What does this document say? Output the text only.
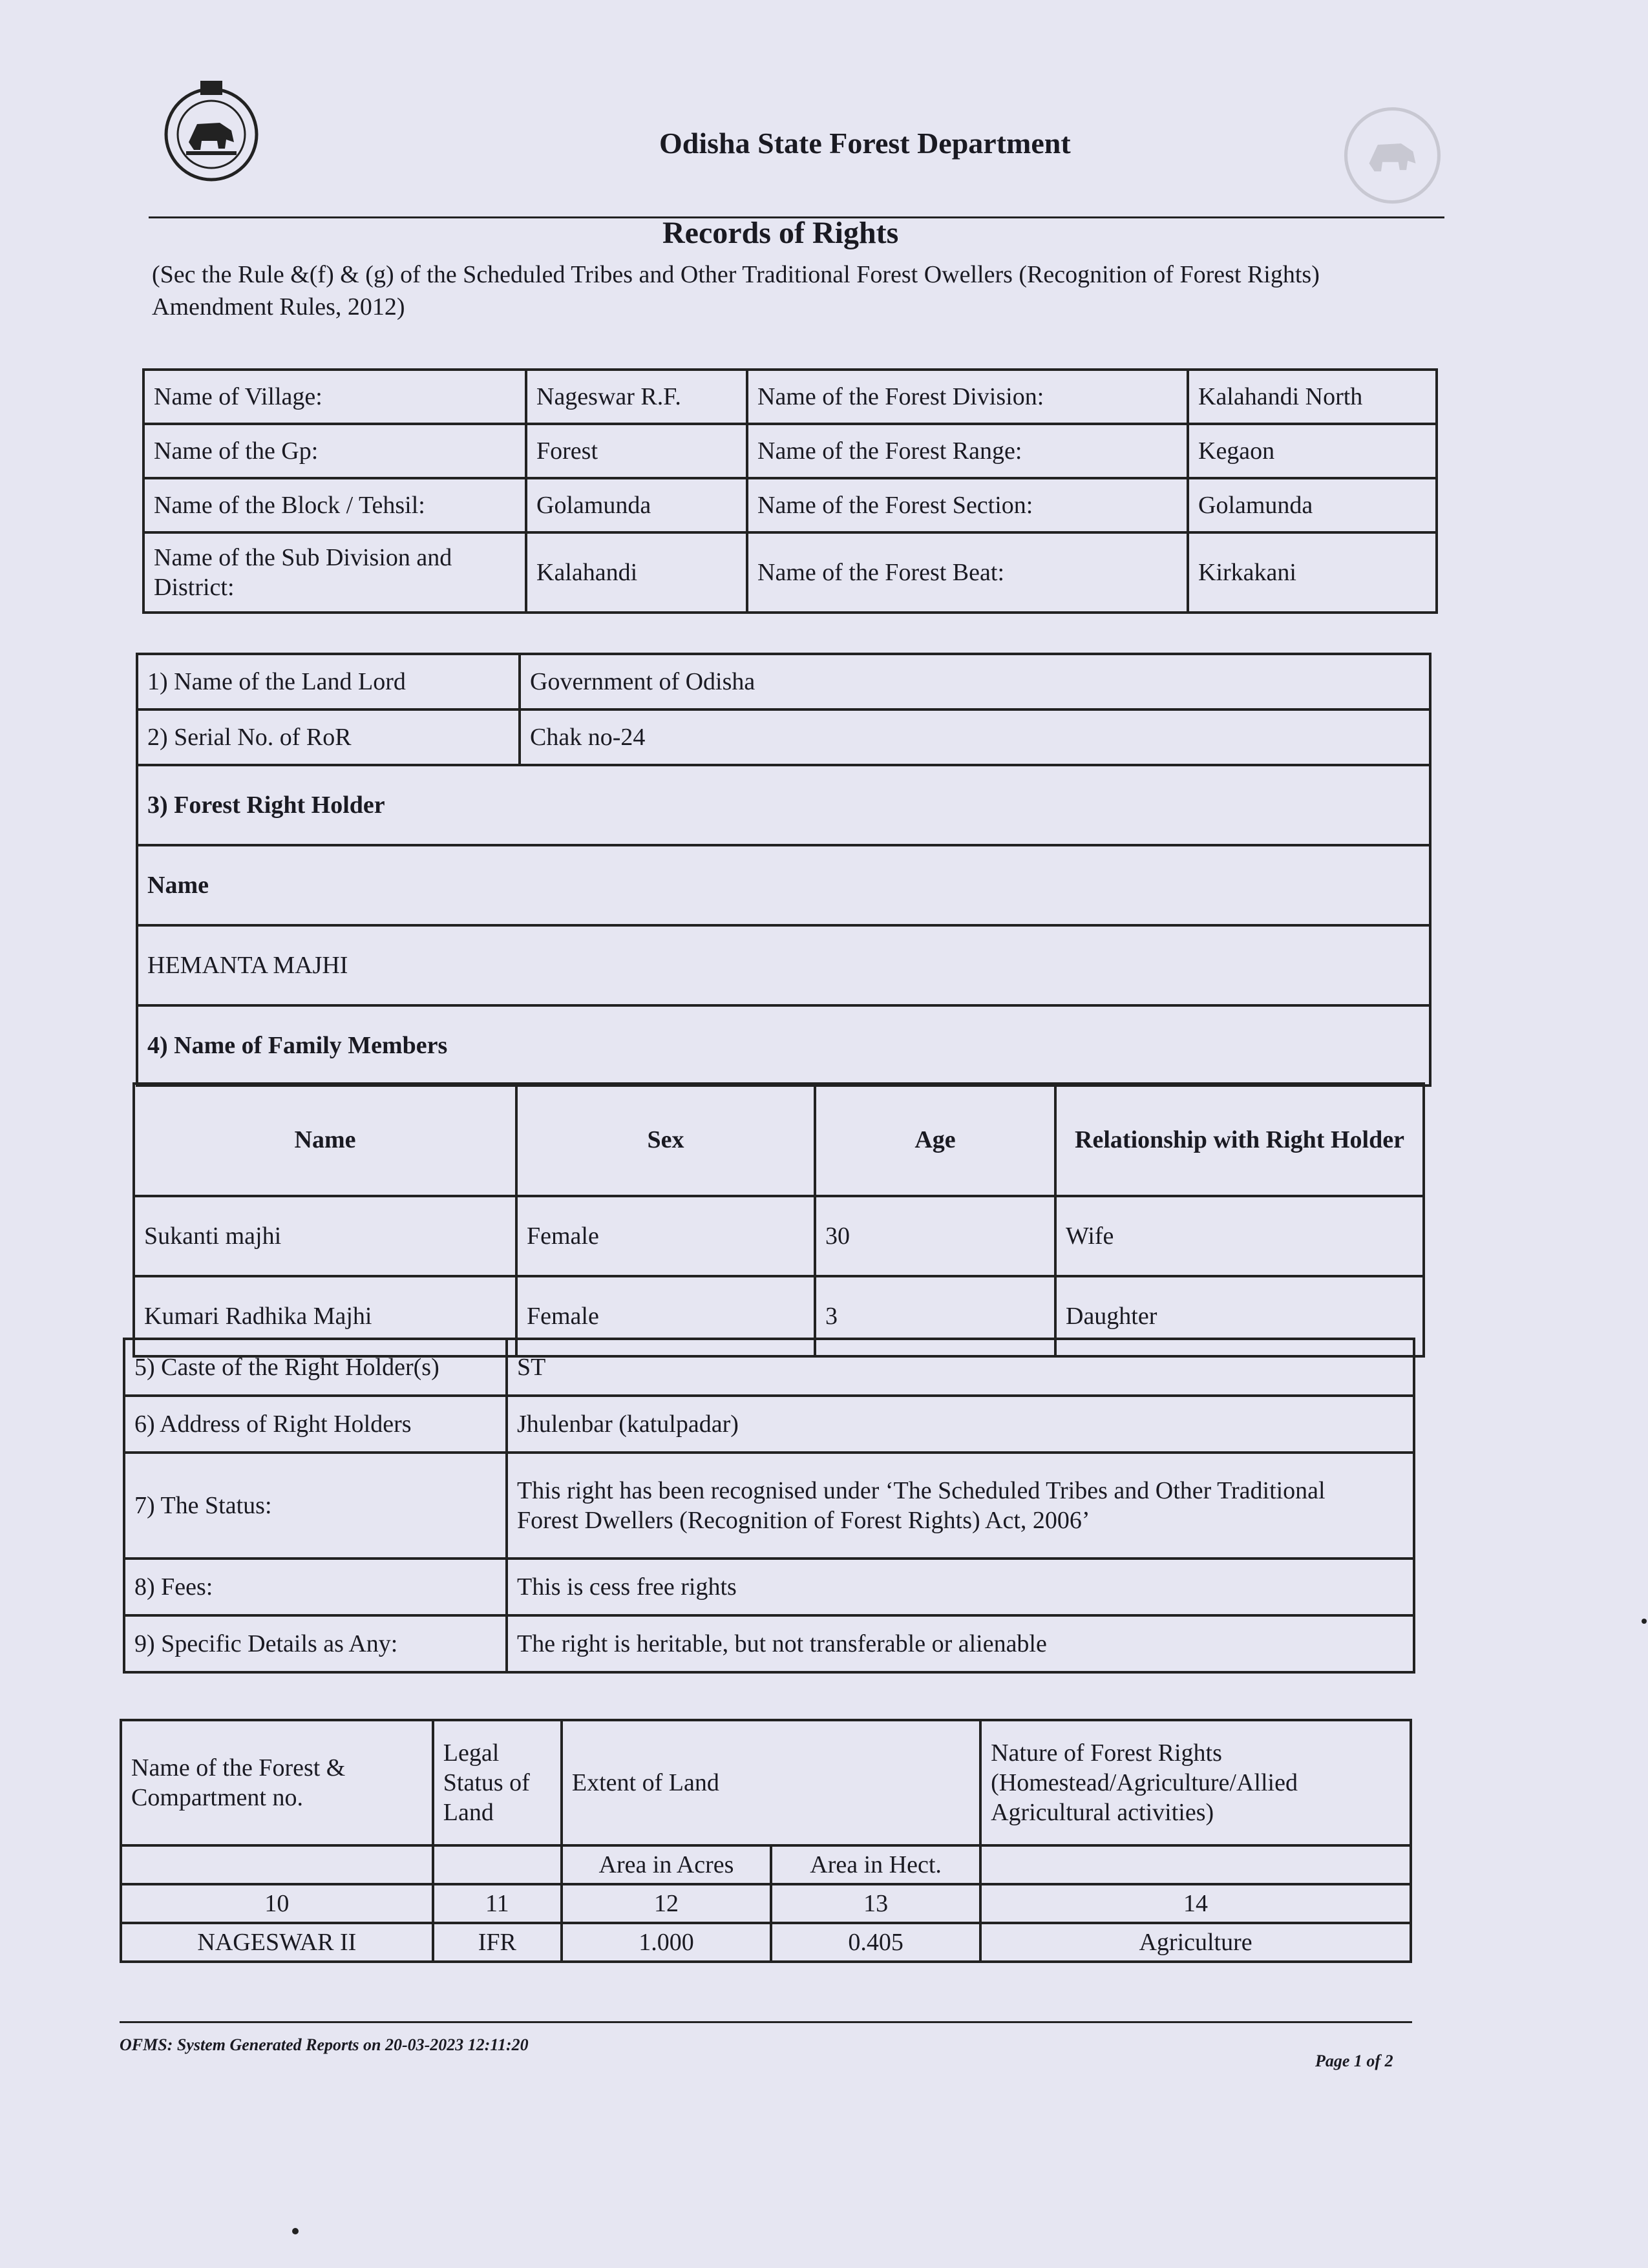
Odisha State Forest Department
Records of Rights
(Sec the Rule &(f) & (g) of the Scheduled Tribes and Other Traditional Forest Owellers (Recognition of Forest Rights) Amendment Rules, 2012)
Name of Village:	Nageswar R.F.	Name of the Forest Division:	Kalahandi North
Name of the Gp:	Forest	Name of the Forest Range:	Kegaon
Name of the Block / Tehsil:	Golamunda	Name of the Forest Section:	Golamunda
Name of the Sub Division and District:	Kalahandi	Name of the Forest Beat:	Kirkakani
1) Name of the Land Lord	Government of Odisha
2) Serial No. of RoR	Chak no-24
3) Forest Right Holder	
Name	
HEMANTA MAJHI	
4) Name of Family Members	
Name	Sex	Age	Relationship with Right Holder
Sukanti majhi	Female	30	Wife
Kumari Radhika Majhi	Female	3	Daughter
5) Caste of the Right Holder(s)	ST
6) Address of Right Holders	Jhulenbar (katulpadar)
7) The Status:	This right has been recognised under ‘The Scheduled Tribes and Other Traditional
Forest Dwellers (Recognition of Forest Rights) Act, 2006’

8) Fees:	This is cess free rights
9) Specific Details as Any:	The right is heritable, but not transferable or alienable
Name of the Forest & Compartment no.	Legal Status of Land	Extent of Land		Nature of Forest Rights (Homestead/Agriculture/Allied Agricultural activities)
		Area in Acres	Area in Hect.	
10	11	12	13	14
NAGESWAR II	IFR	1.000	0.405	Agriculture
OFMS: System Generated Reports on 20-03-2023 12:11:20
Page 1 of 2
